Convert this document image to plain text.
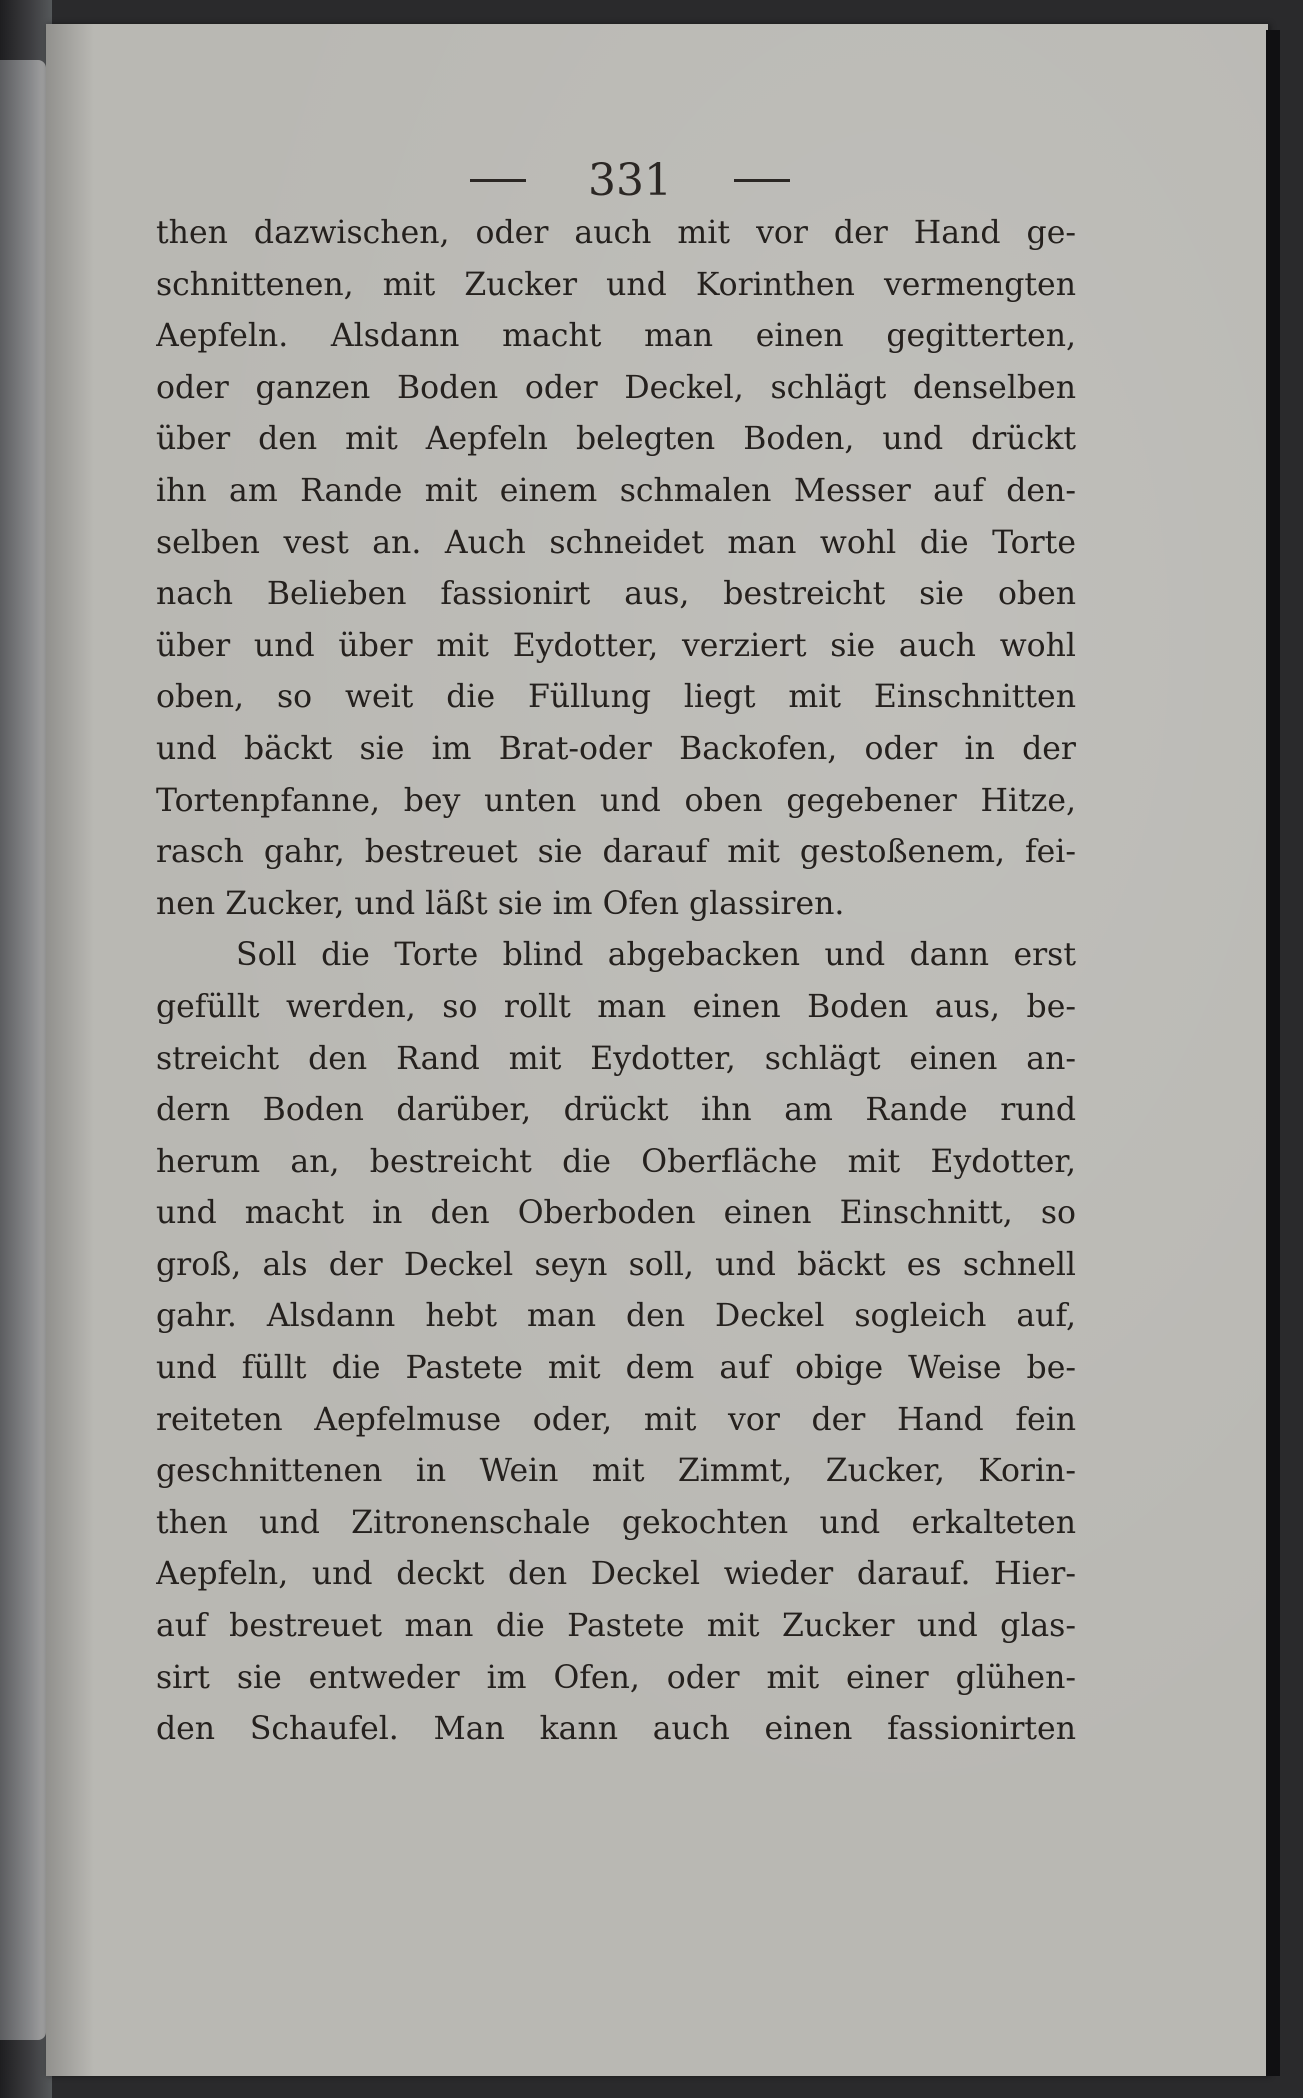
331
then dazwischen, oder auch mit vor der Hand ge-
schnittenen, mit Zucker und Korinthen vermengten
Aepfeln. Alsdann macht man einen gegitterten,
oder ganzen Boden oder Deckel, schlägt denselben
über den mit Aepfeln belegten Boden, und drückt
ihn am Rande mit einem schmalen Messer auf den-
selben vest an. Auch schneidet man wohl die Torte
nach Belieben fassionirt aus, bestreicht sie oben
über und über mit Eydotter, verziert sie auch wohl
oben, so weit die Füllung liegt mit Einschnitten
und bäckt sie im Brat-oder Backofen, oder in der
Tortenpfanne, bey unten und oben gegebener Hitze,
rasch gahr, bestreuet sie darauf mit gestoßenem, fei-
nen Zucker, und läßt sie im Ofen glassiren.
Soll die Torte blind abgebacken und dann erst
gefüllt werden, so rollt man einen Boden aus, be-
streicht den Rand mit Eydotter, schlägt einen an-
dern Boden darüber, drückt ihn am Rande rund
herum an, bestreicht die Oberfläche mit Eydotter,
und macht in den Oberboden einen Einschnitt, so
groß, als der Deckel seyn soll, und bäckt es schnell
gahr. Alsdann hebt man den Deckel sogleich auf,
und füllt die Pastete mit dem auf obige Weise be-
reiteten Aepfelmuse oder, mit vor der Hand fein
geschnittenen in Wein mit Zimmt, Zucker, Korin-
then und Zitronenschale gekochten und erkalteten
Aepfeln, und deckt den Deckel wieder darauf. Hier-
auf bestreuet man die Pastete mit Zucker und glas-
sirt sie entweder im Ofen, oder mit einer glühen-
den Schaufel. Man kann auch einen fassionirten
